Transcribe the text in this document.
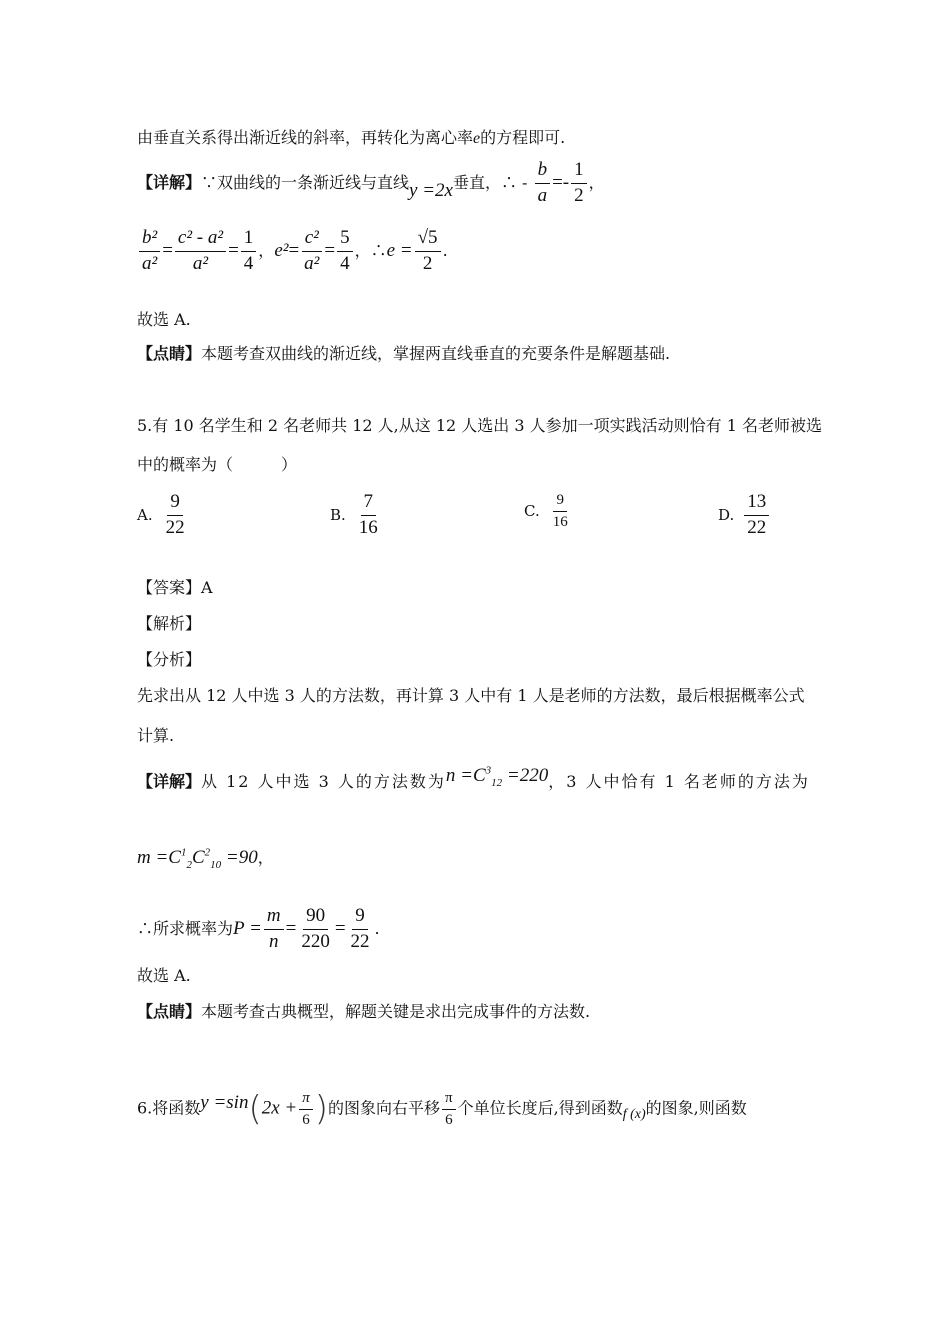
由垂直关系得出渐近线的斜率，再转化为离心率e的方程即可.
【详解】∵双曲线的一条渐近线与直线y =2x垂直，∴ - $\frac{b}{a} =- \frac{1}{2}$ ，
$\frac{\text{b²}}{\text{a²}} = \frac{\text{c² - a²}}{\text{a²}} = \frac{1}{4}$ ，$e^2= \frac{\text{c²}}{\text{a²}} = \frac{5}{4}$ ，∴e = $\frac{√5}{2}$ .
故选 A.
【点睛】本题考查双曲线的渐近线，掌握两直线垂直的充要条件是解题基础.
5.有 10 名学生和 2 名老师共 12 人,从这 12 人选出 3 人参加一项实践活动则恰有 1 名老师被选
中的概率为（　　　）
A. $\frac{9}{22}$	B. $\frac{7}{16}$	C. $\frac{9}{16}$	D. $\frac{13}{22}$
【答案】A
【解析】
【分析】
先求出从 12 人中选 3 人的方法数，再计算 3 人中有 1 人是老师的方法数，最后根据概率公式
计算.
【详解】从 12 人中选 3 人的方法数为$n =C^3_{12} =220$，3 人中恰有 1 名老师的方法为
$m =C^1_2C^2_{10} =90$，
∴所求概率为$P = \frac{m}{n} = \frac{90}{220} = \frac{9}{22}$ .
故选 A.
【点睛】本题考查古典概型，解题关键是求出完成事件的方法数.
6.将函数$y =\sin(2x + \frac{\pi}{6}$ )的图象向右平移 $\frac{\pi}{6}$ 个单位长度后,得到函数f (x)的图象,则函数
